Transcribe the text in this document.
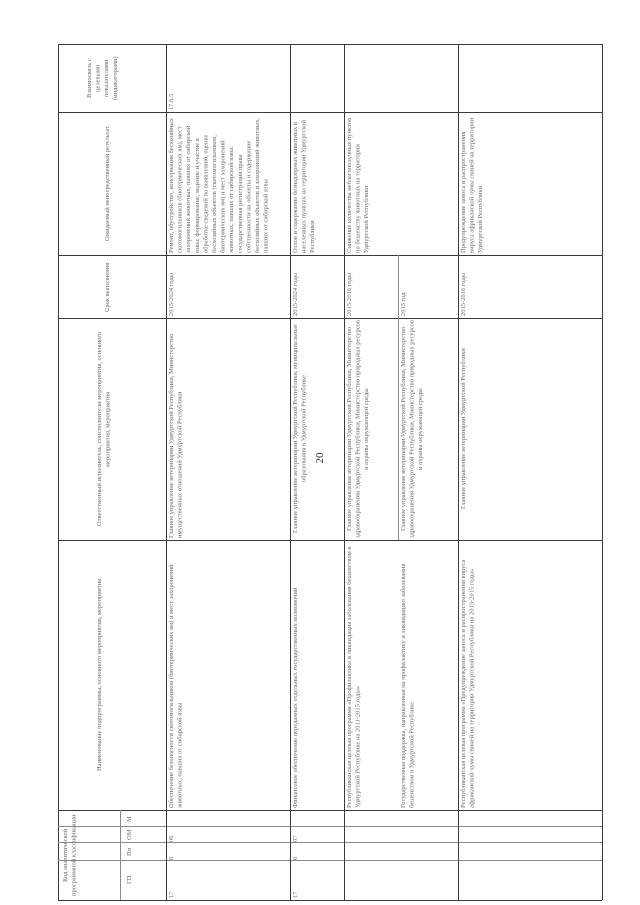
20
Взаимосвязь с целевыми показателями (индикаторами)
Ожидаемый непосредственный результат
Срок выполнения
Ответственный исполнитель, соисполнители мероприятия, основного мероприятия, мероприятия
Наименование подпрограммы, основного мероприятия, мероприятия
Код аналитической программной классификации	ГП
Пп
ОМ
М
17
6
06
Обеспечение безопасности скотомогильников (биотермических ям) и мест захоронений животных, павших от сибирской язвы
Главное управление ветеринарии Удмуртской Республики, Министерство имущественных отношений Удмуртской Республики
2015-2024 годы
Ремонт, обустройство, консервация бесхозяйных скотомогильников (биотермических ям), мест захоронений животных, павших от сибирской язвы; формирование, ведение и участие в обработке сведений по выявлению, оценке бесхозяйных объектов (скотомогильников, биотермических ям) и мест захоронений животных, павших от сибирской язвы; государственная регистрация права собственности на объекты и содержание бесхозяйных объектов и захоронений животных, павших от сибирской язвы
17.6.5
17
6
07
Финансовое обеспечение переданных отдельных государственных полномочий
Главное управление ветеринарии Удмуртской Республики, муниципальные образования в Удмуртской Республике
2015-2024 годы
Отлов и содержание безнадзорных животных в населенных пунктах на территории Удмуртской Республики
Республиканская целевая программа «Профилактика и ликвидация заболевания бешенством в Удмуртской Республике на 2011-2015 годы»
Главное управление ветеринарии Удмуртской Республики, Министерство здравоохранения Удмуртской Республики, Министерство природных ресурсов и охраны окружающей среды
2015-2016 годы
Снижение количества неблагополучных пунктов по бешенству животных на территории Удмуртской Республики
Государственная поддержка, направленная на профилактику и ликвидацию заболевания бешенством в Удмуртской Республике
Главное управление ветеринарии Удмуртской Республики, Министерство здравоохранения Удмуртской Республики, Министерство природных ресурсов и охраны окружающей среды
2015 год
Республиканская целевая программа «Предупреждение заноса и распространения вируса африканской чумы свиней на территории Удмуртской Республики на 2013-2015 годы»
Главное управление ветеринарии Удмуртской Республики
2015-2016 годы
Предупреждение заноса и распространения вируса африканской чумы свиней на территории Удмуртской Республики
